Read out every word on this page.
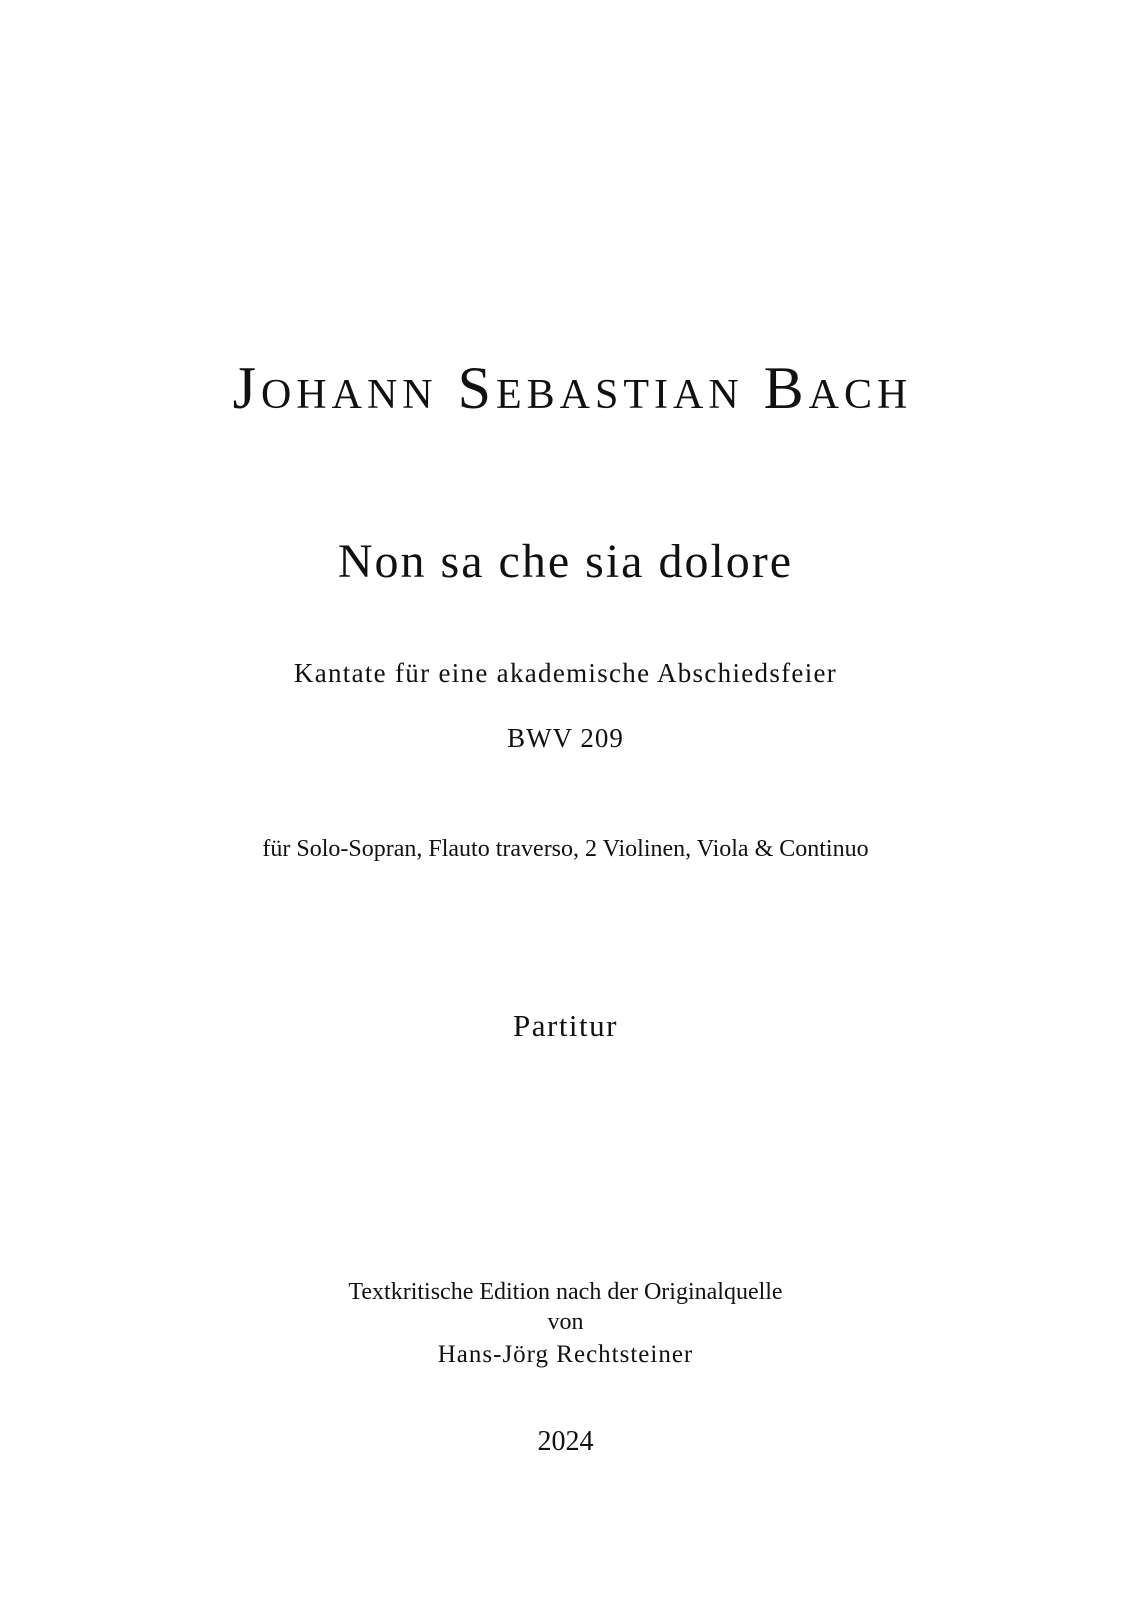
Johann Sebastian Bach
Non sa che sia dolore
Kantate für eine akademische Abschiedsfeier
BWV 209
für Solo-Sopran, Flauto traverso, 2 Violinen, Viola & Continuo
Partitur
Textkritische Edition nach der Originalquelle
von
Hans-Jörg Rechtsteiner
2024
